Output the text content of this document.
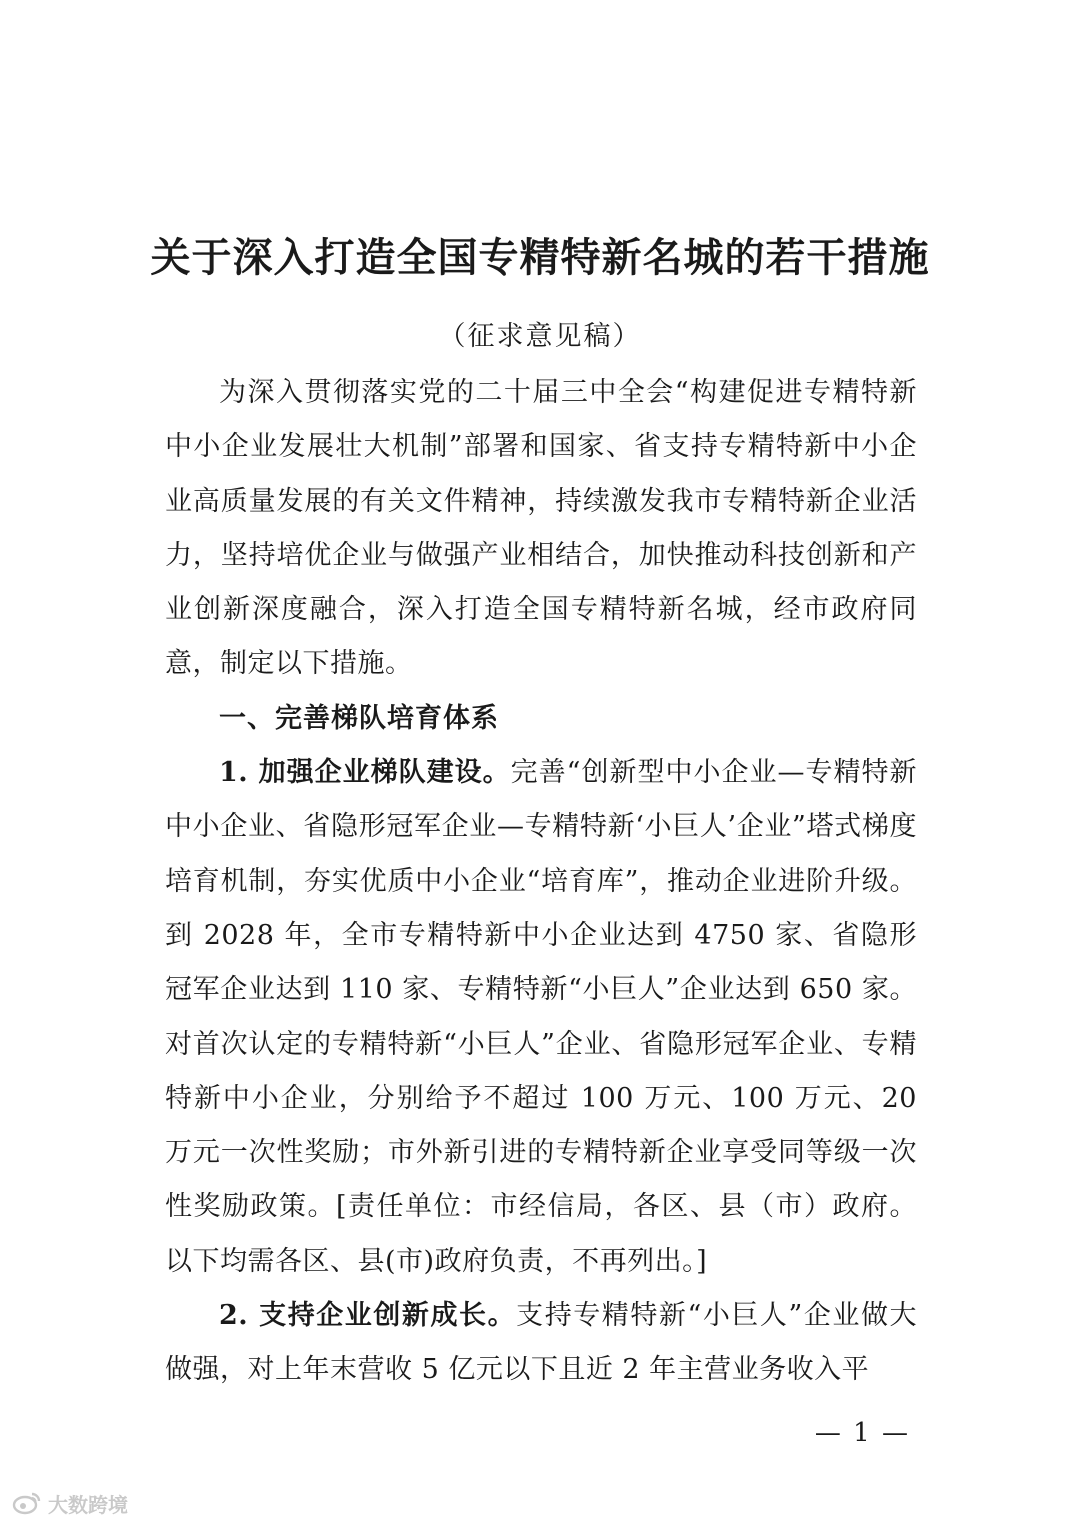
关于深入打造全国专精特新名城的若干措施

（征求意见稿）

为深入贯彻落实党的二十届三中全会“构建促进专精特新中小企业发展壮大机制”部署和国家、省支持专精特新中小企业高质量发展的有关文件精神，持续激发我市专精特新企业活力，坚持培优企业与做强产业相结合，加快推动科技创新和产业创新深度融合，深入打造全国专精特新名城，经市政府同意，制定以下措施。

一、完善梯队培育体系

1. 加强企业梯队建设。完善“创新型中小企业—专精特新中小企业、省隐形冠军企业—专精特新‘小巨人’企业”塔式梯度培育机制，夯实优质中小企业“培育库”，推动企业进阶升级。到 2028 年，全市专精特新中小企业达到 4750 家、省隐形冠军企业达到 110 家、专精特新“小巨人”企业达到 650 家。对首次认定的专精特新“小巨人”企业、省隐形冠军企业、专精特新中小企业，分别给予不超过 100 万元、100 万元、20 万元一次性奖励；市外新引进的专精特新企业享受同等级一次性奖励政策。[责任单位：市经信局，各区、县（市）政府。以下均需各区、县(市)政府负责，不再列出。]

2. 支持企业创新成长。支持专精特新“小巨人”企业做大做强，对上年末营收 5 亿元以下且近 2 年主营业务收入平

— 1 —
大数跨境
